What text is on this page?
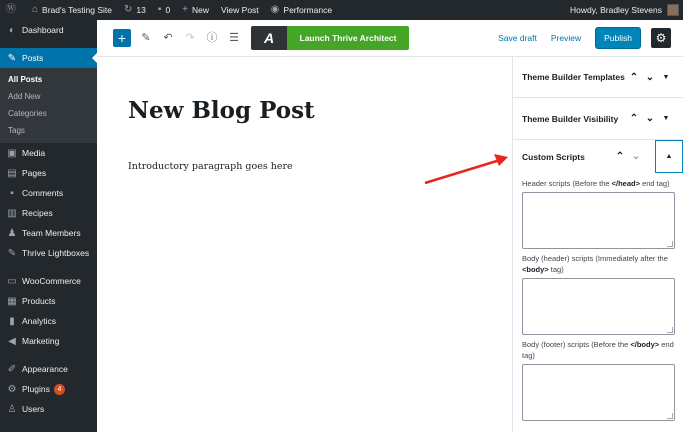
Ⓦ ⌂ Brad's Testing Site ↻ 13 ▪ 0 + New View Post ◉ Performance	Howdy, Bradley Stevens
◐ Dashboard
✎ Posts
All Posts
Add New
Categories
Tags
▣ Media
▤ Pages
▪ Comments
▥ Recipes
♟ Team Members
✎ Thrive Lightboxes
▭ WooCommerce
▦ Products
▮ Analytics
◀ Marketing
✐ Appearance
⚙ Plugins	4
♙ Users
+	✎ ↶ ↷ ⓘ ☰	A	Launch Thrive Architect	Save draft Preview	Publish	⚙
New Blog Post
Introductory paragraph goes here
Theme Builder Templates ⌃ ⌄	▼
Theme Builder Visibility	⌃ ⌄	▼
Custom Scripts	⌃ ⌄	▲
Header scripts (Before the </head> end tag)
Body (header) scripts (Immediately after the <body> tag)
Body (footer) scripts (Before the </body> end tag)
